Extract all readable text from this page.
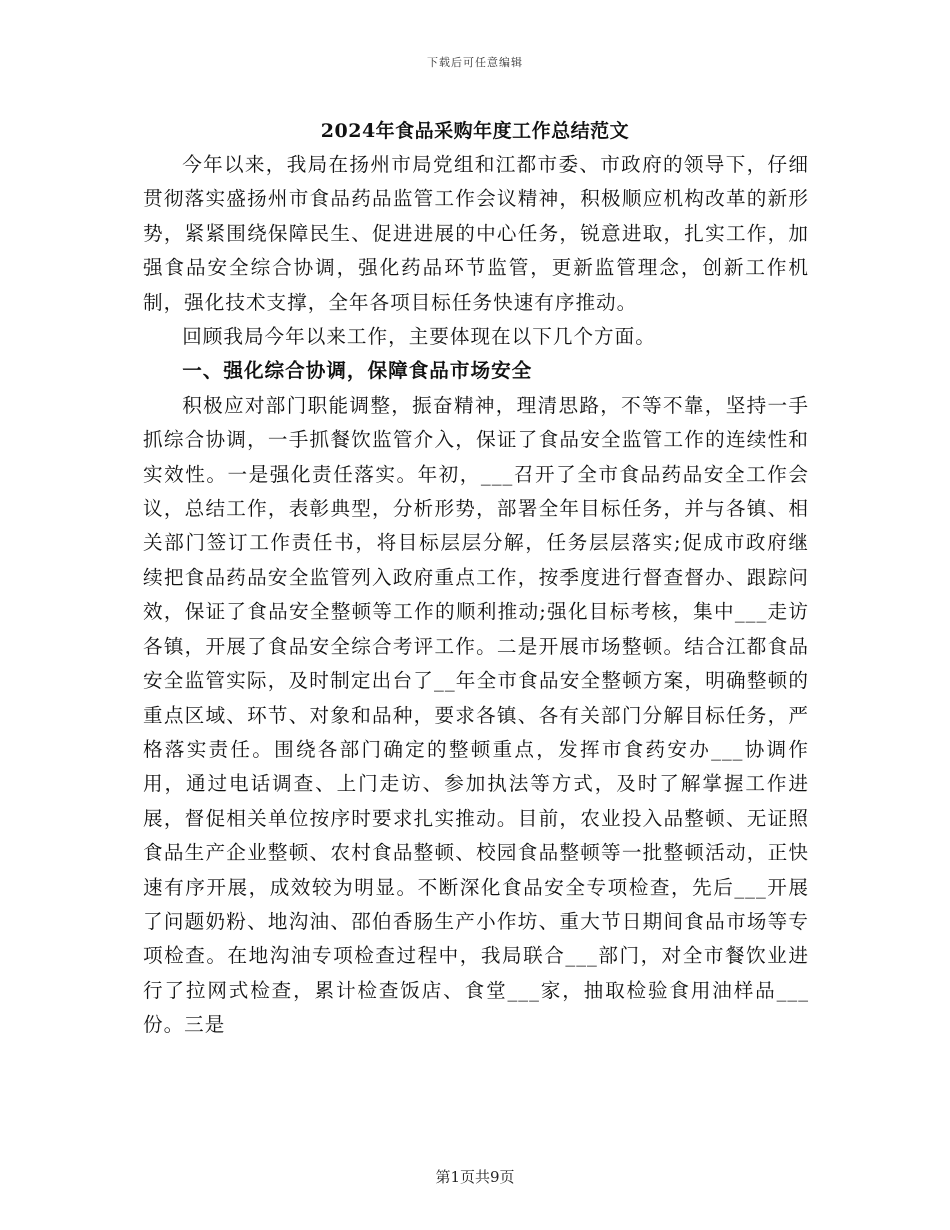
下载后可任意编辑
2024年食品采购年度工作总结范文

今年以来，我局在扬州市局党组和江都市委、市政府的领导下，仔细贯彻落实盛扬州市食品药品监管工作会议精神，积极顺应机构改革的新形势，紧紧围绕保障民生、促进进展的中心任务，锐意进取，扎实工作，加强食品安全综合协调，强化药品环节监管，更新监管理念，创新工作机制，强化技术支撑，全年各项目标任务快速有序推动。

回顾我局今年以来工作，主要体现在以下几个方面。

一、强化综合协调，保障食品市场安全

积极应对部门职能调整，振奋精神，理清思路，不等不靠，坚持一手抓综合协调，一手抓餐饮监管介入，保证了食品安全监管工作的连续性和实效性。一是强化责任落实。年初，___召开了全市食品药品安全工作会议，总结工作，表彰典型，分析形势，部署全年目标任务，并与各镇、相关部门签订工作责任书，将目标层层分解，任务层层落实;促成市政府继续把食品药品安全监管列入政府重点工作，按季度进行督查督办、跟踪问效，保证了食品安全整顿等工作的顺利推动;强化目标考核，集中___走访各镇，开展了食品安全综合考评工作。二是开展市场整顿。结合江都食品安全监管实际，及时制定出台了__年全市食品安全整顿方案，明确整顿的重点区域、环节、对象和品种，要求各镇、各有关部门分解目标任务，严格落实责任。围绕各部门确定的整顿重点，发挥市食药安办___协调作用，通过电话调查、上门走访、参加执法等方式，及时了解掌握工作进展，督促相关单位按序时要求扎实推动。目前，农业投入品整顿、无证照食品生产企业整顿、农村食品整顿、校园食品整顿等一批整顿活动，正快速有序开展，成效较为明显。不断深化食品安全专项检查，先后___开展了问题奶粉、地沟油、邵伯香肠生产小作坊、重大节日期间食品市场等专项检查。在地沟油专项检查过程中，我局联合___部门，对全市餐饮业进行了拉网式检查，累计检查饭店、食堂___家，抽取检验食用油样品___份。三是

第1页共9页
